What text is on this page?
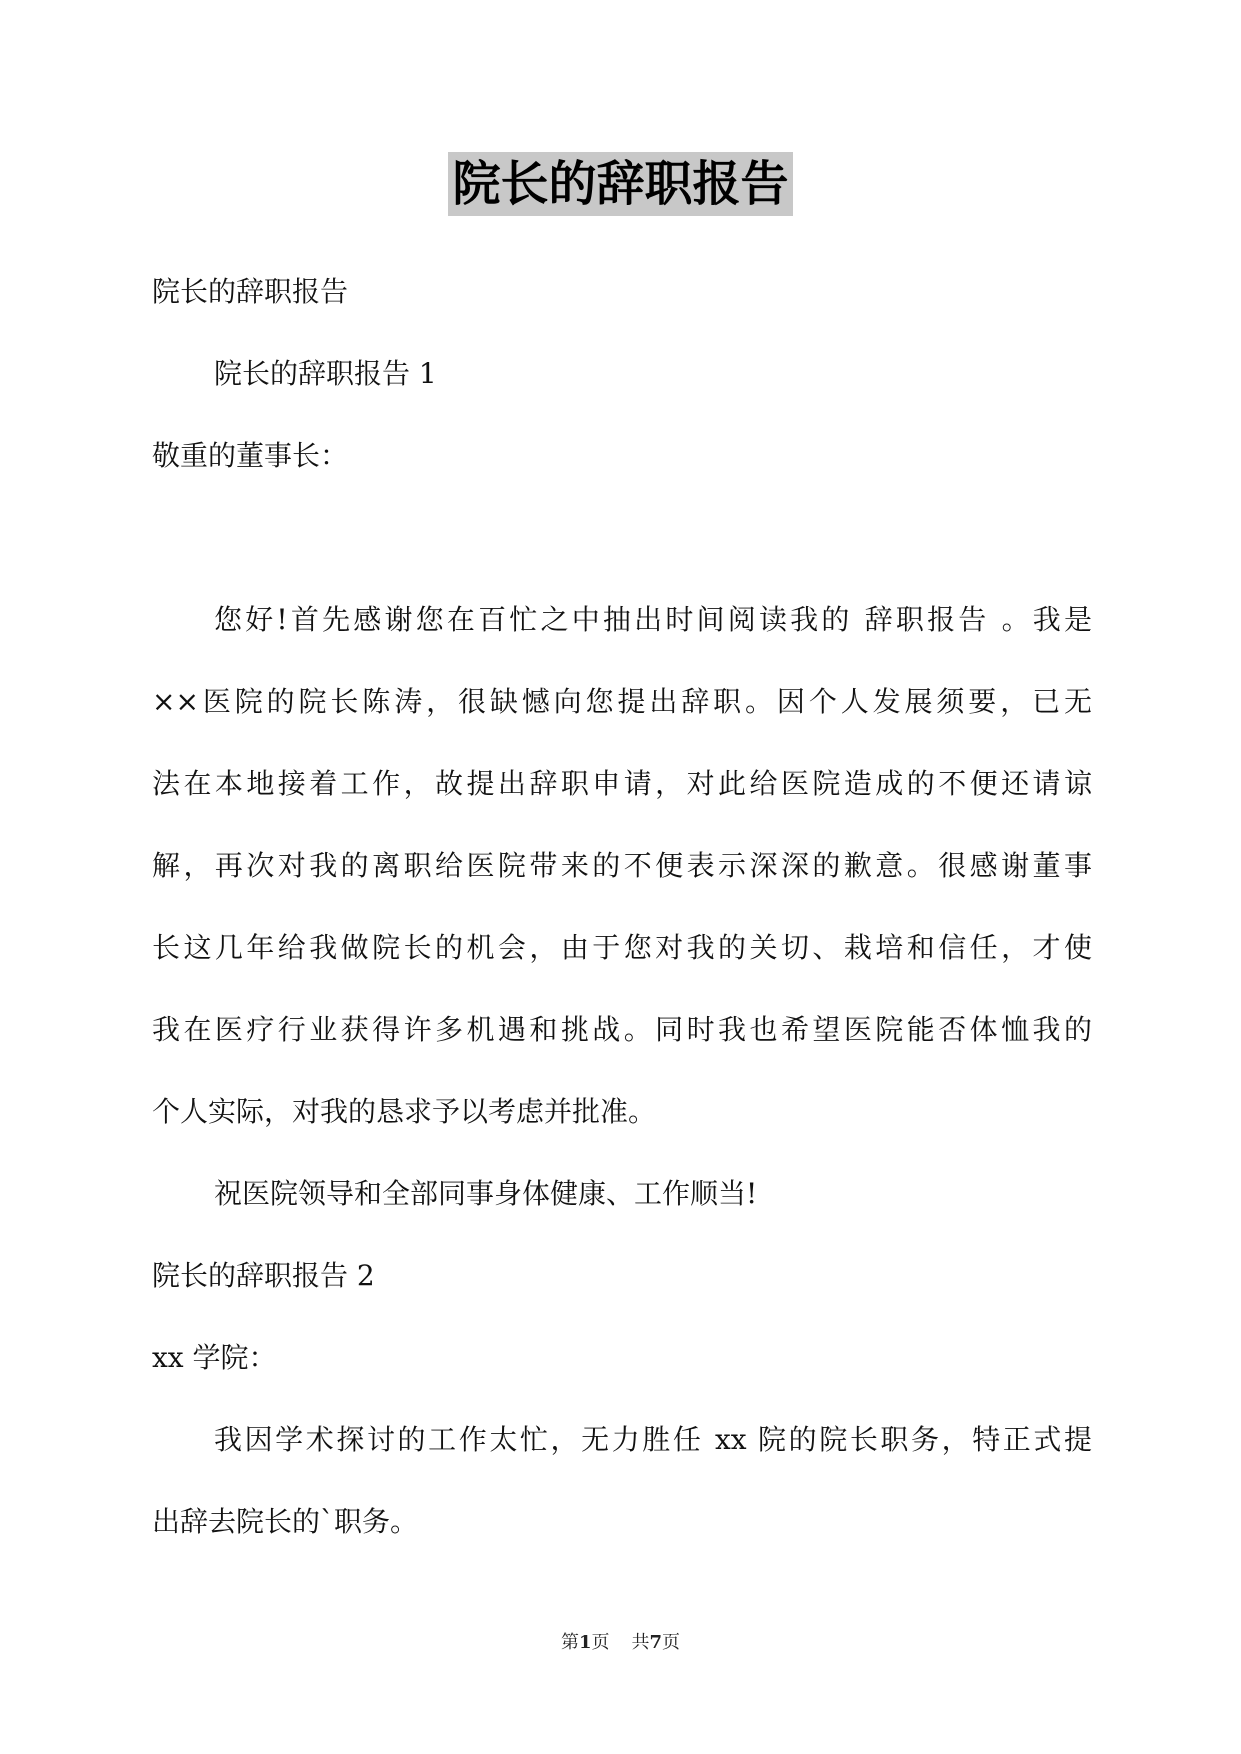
院长的辞职报告
院长的辞职报告
院长的辞职报告 1
敬重的董事长：
您好!首先感谢您在百忙之中抽出时间阅读我的 辞职报告 。我是
××医院的院长陈涛，很缺憾向您提出辞职。因个人发展须要，已无
法在本地接着工作，故提出辞职申请，对此给医院造成的不便还请谅
解，再次对我的离职给医院带来的不便表示深深的歉意。很感谢董事
长这几年给我做院长的机会，由于您对我的关切、栽培和信任，才使
我在医疗行业获得许多机遇和挑战。同时我也希望医院能否体恤我的
个人实际，对我的恳求予以考虑并批准。
祝医院领导和全部同事身体健康、工作顺当!
院长的辞职报告 2
xx 学院：
我因学术探讨的工作太忙，无力胜任 xx 院的院长职务，特正式提
出辞去院长的`职务。
第1页 共7页
